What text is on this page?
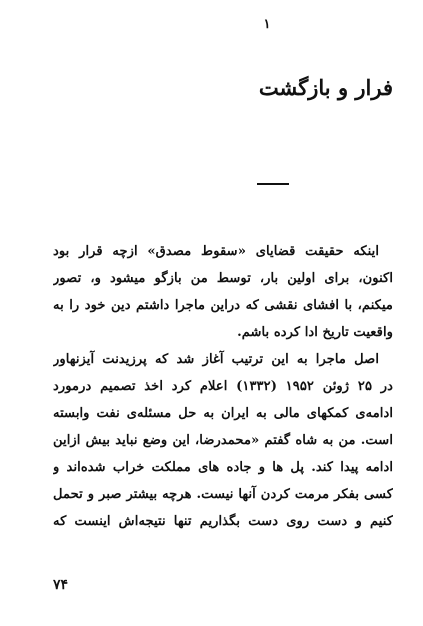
۱
فرار و بازگشت

اینکه حقیقت قضایای «سقوط مصدق» ازچه قرار بود
اکنون، برای اولین بار، توسط من بازگو میشود و، تصور
میکنم، با افشای نقشی که دراین ماجرا داشتم دین خود را به
واقعیت تاریخ ادا کرده باشم.

اصل ماجرا به این ترتیب آغاز شد که پرزیدنت آیزنهاور
در ۲۵ ژوئن ۱۹۵۲ (۱۳۳۲) اعلام کرد اخذ تصمیم درمورد
ادامه‌ی کمکهای مالی به ایران به حل مسئله‌ی نفت وابسته
است. من به شاه گفتم «محمدرضا، این وضع نباید بیش ازاین
ادامه پیدا کند. پل ها و جاده های مملکت خراب شده‌اند و
کسی بفکر مرمت کردن آنها نیست. هرچه بیشتر صبر و تحمل
کنیم و دست روی دست بگذاریم تنها نتیجه‌اش اینست که

۷۴
